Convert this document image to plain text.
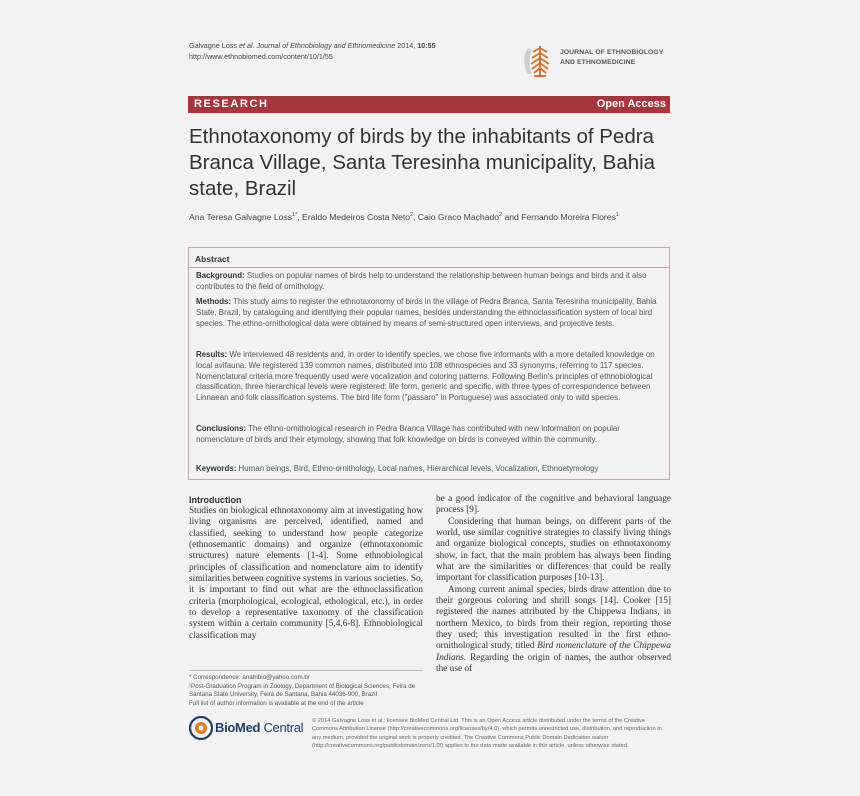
Galvagne Loss et al. Journal of Ethnobiology and Ethnomedicine 2014, 10:55
http://www.ethnobiomed.com/content/10/1/55	JOURNAL OF ETHNOBIOLOGY
AND ETHNOMEDICINE
RESEARCH	Open Access
Ethnotaxonomy of birds by the inhabitants of Pedra Branca Village, Santa Teresinha municipality, Bahia state, Brazil
Ana Teresa Galvagne Loss$^{1*}$, Eraldo Medeiros Costa Neto$^2$, Caio Graco Machado$^2$ and Fernando Moreira Flores$^1$
Abstract
Background: Studies on popular names of birds help to understand the relationship between human beings and birds and it also contributes to the field of ornithology.
Methods: This study aims to register the ethnotaxonomy of birds in the village of Pedra Branca, Santa Teresinha municipality, Bahia State, Brazil, by cataloguing and identifying their popular names, besides understanding the ethnoclassification system of local bird species. The ethno-ornithological data were obtained by means of semi-structured open interviews, and projective tests.
Results: We interviewed 48 residents and, in order to identify species, we chose five informants with a more detailed knowledge on local avifauna. We registered 139 common names, distributed into 108 ethnospecies and 33 synonyms, referring to 117 species. Nomenclatural criteria more frequently used were vocalization and coloring patterns. Following Berlin's principles of ethnobiological classification, three hierarchical levels were registered: life form, generic and specific, with three types of correspondence between Linnaean and folk classification systems. The bird life form ("pássaro" in Portuguese) was associated only to wild species.
Conclusions: The ethno-ornithological research in Pedra Branca Village has contributed with new information on popular nomenclature of birds and their etymology, showing that folk knowledge on birds is conveyed within the community.
Keywords: Human beings, Bird, Ethno-ornithology, Local names, Hierarchical levels, Vocalization, Ethnoetymology
Introduction

Studies on biological ethnotaxonomy aim at investigating how living organisms are perceived, identified, named and classified, seeking to understand how people categorize (ethnosemantic domains) and organize (ethnotaxonomic structures) nature elements [1-4]. Some ethnobiological principles of classification and nomenclature aim to identify similarities between cognitive systems in various societies. So, it is important to find out what are the ethnoclassification criteria (morphological, ecological, ethological, etc.), in order to develop a representative taxonomy of the classification system within a certain community [5,4,6-8]. Ethnobiological classification may

be a good indicator of the cognitive and behavioral language process [9].

Considering that human beings, on different parts of the world, use similar cognitive strategies to classify living things and organize biological concepts, studies on ethnotaxonomy show, in fact, that the main problem has always been finding what are the similarities or differences that could be really important for classification purposes [10-13].

Among current animal species, birds draw attention due to their gorgeous coloring and shrill songs [14]. Cooker [15] registered the names attributed by the Chippewa Indians, in northern Mexico, to birds from their region, reporting those they used; this investigation resulted in the first ethno-ornithological study, titled Bird nomenclature of the Chippewa Indians. Regarding the origin of names, the author observed the use of

* Correspondence: anatribio@yahoo.com.br
¹Post-Graduation Program in Zoology, Department of Biological Sciences, Feira de Santana State University, Feira de Santana, Bahia 44036-900, Brazil
Full list of author information is available at the end of the article
BioMed Central © 2014 Galvagne Loss et al.; licensee BioMed Central Ltd. This is an Open Access article distributed under the terms of the Creative Commons Attribution License (http://creativecommons.org/licenses/by/4.0), which permits unrestricted use, distribution, and reproduction in any medium, provided the original work is properly credited. The Creative Commons Public Domain Dedication waiver (http://creativecommons.org/publicdomain/zero/1.0/) applies to the data made available in this article, unless otherwise stated.
